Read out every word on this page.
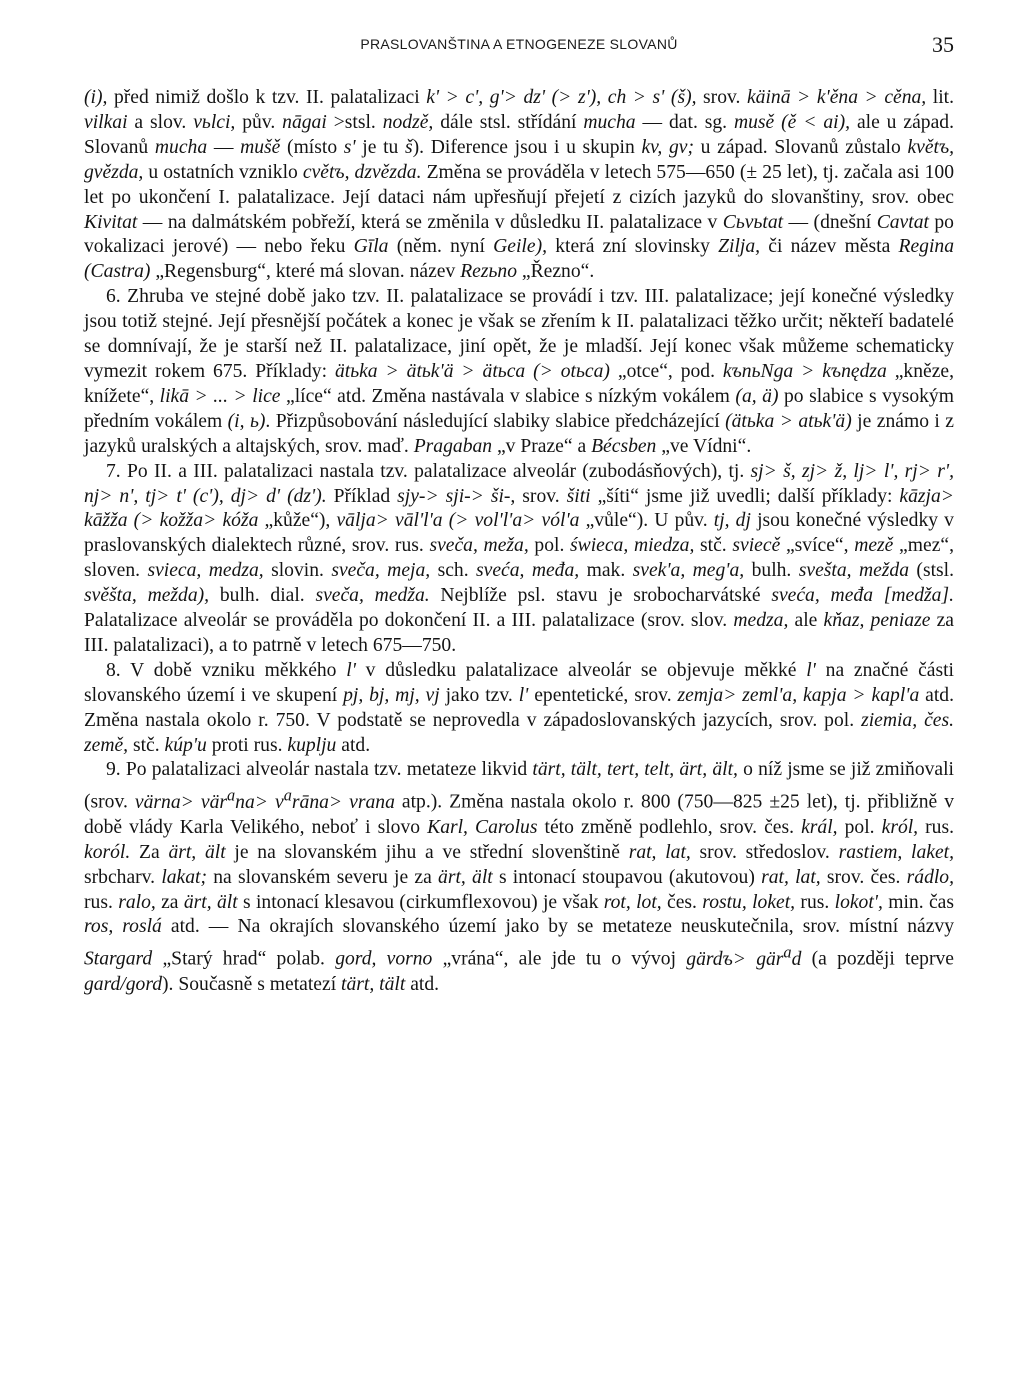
PRASLOVANŠTINA A ETNOGENEZE SLOVANŮ	35

(i), před nimiž došlo k tzv. II. palatalizaci k' > c', g'> dz' (> z'), ch > s' (š), srov. käinā > k'ěna > cěna, lit. vilkai a slov. vьlci, pův. nāgai >stsl. nodzě, dále stsl. střídání mucha — dat. sg. musě (ě < ai), ale u západ. Slovanů mucha — mušě (místo s' je tu š). Diference jsou i u skupin kv, gv; u západ. Slovanů zůstalo květъ, gvězda, u ostatních vzniklo cvětъ, dzvězda. Změna se prováděla v letech 575—650 (± 25 let), tj. začala asi 100 let po ukončení I. palatalizace. Její dataci nám upřesňují přejetí z cizích jazyků do slovanštiny, srov. obec Kivitat — na dalmátském pobřeží, která se změnila v důsledku II. palatalizace v Cьvьtat — (dnešní Cavtat po vokalizaci jerové) — nebo řeku Gīla (něm. nyní Geile), která zní slovinsky Zilja, či název města Regina (Castra) „Regensburg“, které má slovan. název Rezьno „Řezno“.

6. Zhruba ve stejné době jako tzv. II. palatalizace se provádí i tzv. III. palatalizace; její konečné výsledky jsou totiž stejné. Její přesnější počátek a konec je však se zřením k II. palatalizaci těžko určit; někteří badatelé se domnívají, že je starší než II. palatalizace, jiní opět, že je mladší. Její konec však můžeme schematicky vymezit rokem 675. Příklady: ätьka > ätьk'ä > ätьca (> otьca) „otce“, pod. kъnьNga > kъnędza „kněze, knížete“, likā > ... > lice „líce“ atd. Změna nastávala v slabice s nízkým vokálem (a, ä) po slabice s vysokým předním vokálem (i, ь). Přizpůsobování následující slabiky slabice předcházející (ätьka > atьk'ä) je známo i z jazyků uralských a altajských, srov. maď. Pragaban „v Praze“ a Bécsben „ve Vídni“.

7. Po II. a III. palatalizaci nastala tzv. palatalizace alveolár (zubodásňových), tj. sj> š, zj> ž, lj> l', rj> r', nj> n', tj> t' (c'), dj> d' (dz'). Příklad sjy-> sji-> ši-, srov. šiti „šíti“ jsme již uvedli; další příklady: kāzja> kāžža (> kožža> kóža „kůže“), vālja> vāl'l'a (> vol'l'a> vól'a „vůle“). U pův. tj, dj jsou konečné výsledky v praslovanských dialektech různé, srov. rus. sveča, meža, pol. świeca, miedza, stč. sviecě „svíce“, mezě „mez“, sloven. svieca, medza, slovin. sveča, meja, sch. sveća, međa, mak. svek'a, meg'a, bulh. svešta, meždа (stsl. svěšta, mežda), bulh. dial. sveča, medža. Nejblíže psl. stavu je srobocharvátské sveća, međa [medža]. Palatalizace alveolár se prováděla po dokončení II. a III. palatalizace (srov. slov. medza, ale kňaz, peniaze za III. palatalizaci), a to patrně v letech 675—750.

8. V době vzniku měkkého l' v důsledku palatalizace alveolár se objevuje měkké l' na značné části slovanského území i ve skupení pj, bj, mj, vj jako tzv. l' epentetické, srov. zemja> zeml'a, kapja > kapl'a atd. Změna nastala okolo r. 750. V podstatě se neprovedla v západoslovanských jazycích, srov. pol. ziemia, čes. země, stč. kúp'u proti rus. kuplju atd.

9. Po palatalizaci alveolár nastala tzv. metateze likvid tärt, tält, tert, telt, ärt, ält, o níž jsme se již zmiňovali (srov. värna> vär$^a$na> $v^arāna>$ vrana atp.). Změna nastala okolo r. 800 (750—825 ±25 let), tj. přibližně v době vlády Karla Velikého, neboť i slovo Karl, Carolus této změně podlehlo, srov. čes. král, pol. król, rus. koról. Za ärt, ält je na slovanském jihu a ve střední slovenštině rat, lat, srov. středoslov. rastiem, laket, srbcharv. lakat; na slovanském severu je za ärt, ält s intonací stoupavou (akutovou) rat, lat, srov. čes. rádlo, rus. ralo, za ärt, ält s intonací klesavou (cirkumflexovou) je však rot, lot, čes. rostu, loket, rus. lokot', min. čas ros, roslá atd. — Na okrajích slovanského území jako by se metateze neuskutečnila, srov. místní názvy Stargard „Starý hrad“ polab. gord, vorno „vrána“, ale jde tu o vývoj gärdъ> gär$^a$d (a později teprve gard/gord). Současně s metatezí tärt, tält atd.
